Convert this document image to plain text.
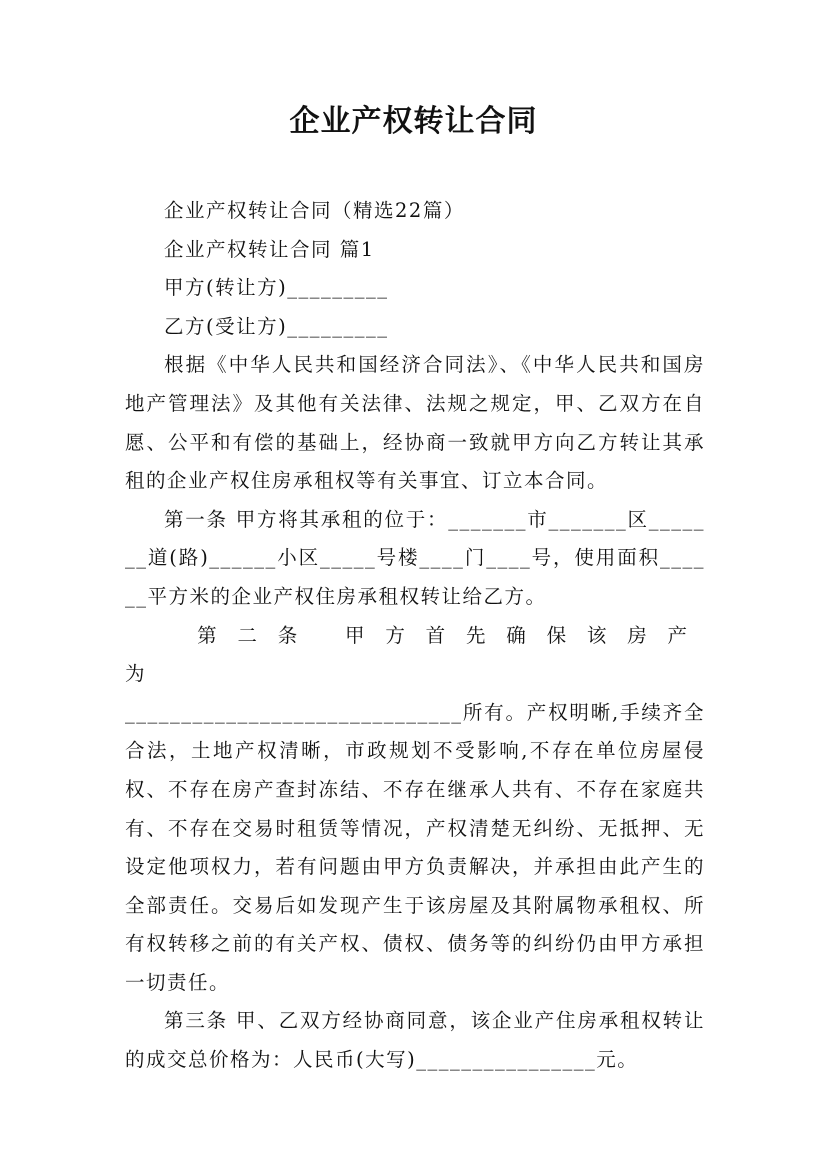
企业产权转让合同

企业产权转让合同（精选22篇）

企业产权转让合同 篇1

甲方(转让方)_________

乙方(受让方)_________

根据《中华人民共和国经济合同法》、《中华人民共和国房地产管理法》及其他有关法律、法规之规定，甲、乙双方在自愿、公平和有偿的基础上，经协商一致就甲方向乙方转让其承租的企业产权住房承租权等有关事宜、订立本合同。

第一条 甲方将其承租的位于：_______市_______区_______道(路)______小区_____号楼____门____号，使用面积______平方米的企业产权住房承租权转让给乙方。

第二条 甲方首先确保该房产为

______________________________所有。产权明晰,手续齐全合法，土地产权清晰，市政规划不受影响,不存在单位房屋侵权、不存在房产查封冻结、不存在继承人共有、不存在家庭共有、不存在交易时租赁等情况，产权清楚无纠纷、无抵押、无设定他项权力，若有问题由甲方负责解决，并承担由此产生的全部责任。交易后如发现产生于该房屋及其附属物承租权、所有权转移之前的有关产权、债权、债务等的纠纷仍由甲方承担一切责任。

第三条 甲、乙双方经协商同意，该企业产住房承租权转让的成交总价格为：人民币(大写)________________元。
